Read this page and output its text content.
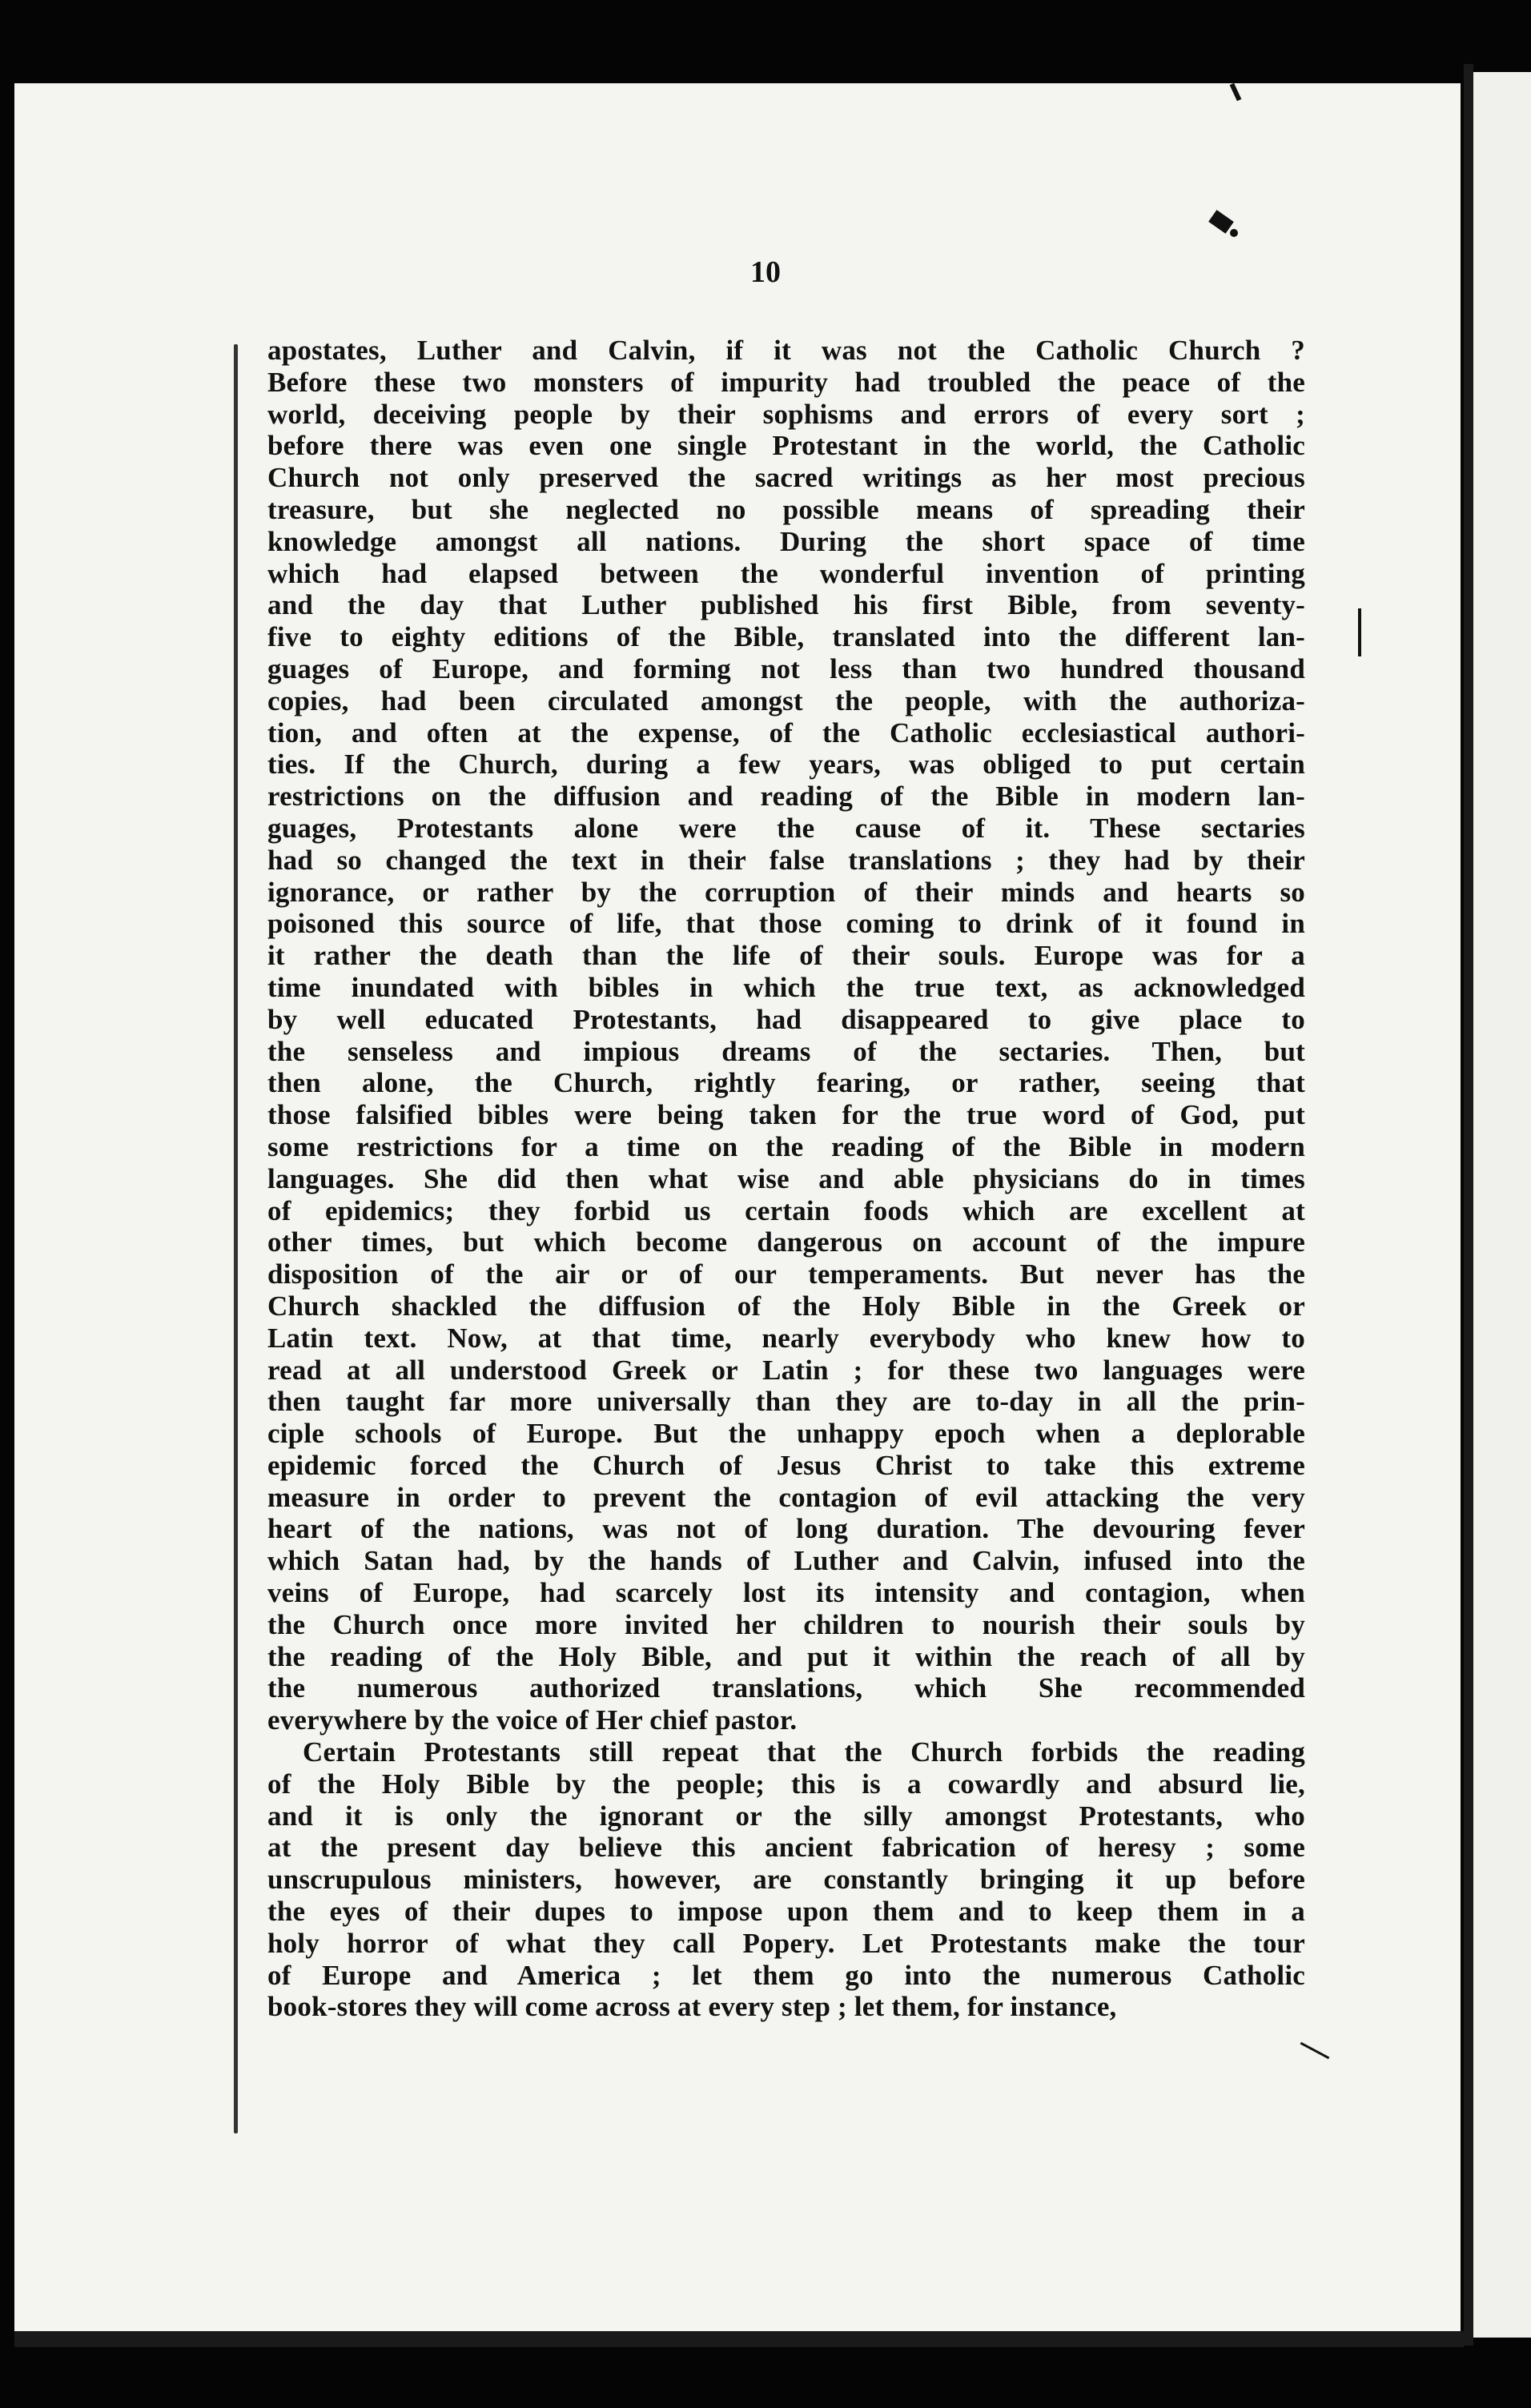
10
apostates, Luther and Calvin, if it was not the Catholic Church ?
Before these two monsters of impurity had troubled the peace of the
world, deceiving people by their sophisms and errors of every sort ;
before there was even one single Protestant in the world, the Catholic
Church not only preserved the sacred writings as her most precious
treasure, but she neglected no possible means of spreading their
knowledge amongst all nations. During the short space of time
which had elapsed between the wonderful invention of printing
and the day that Luther published his first Bible, from seventy-
five to eighty editions of the Bible, translated into the different lan-
guages of Europe, and forming not less than two hundred thousand
copies, had been circulated amongst the people, with the authoriza-
tion, and often at the expense, of the Catholic ecclesiastical authori-
ties. If the Church, during a few years, was obliged to put certain
restrictions on the diffusion and reading of the Bible in modern lan-
guages, Protestants alone were the cause of it. These sectaries
had so changed the text in their false translations ; they had by their
ignorance, or rather by the corruption of their minds and hearts so
poisoned this source of life, that those coming to drink of it found in
it rather the death than the life of their souls. Europe was for a
time inundated with bibles in which the true text, as acknowledged
by well educated Protestants, had disappeared to give place to
the senseless and impious dreams of the sectaries. Then, but
then alone, the Church, rightly fearing, or rather, seeing that
those falsified bibles were being taken for the true word of God, put
some restrictions for a time on the reading of the Bible in modern
languages. She did then what wise and able physicians do in times
of epidemics; they forbid us certain foods which are excellent at
other times, but which become dangerous on account of the impure
disposition of the air or of our temperaments. But never has the
Church shackled the diffusion of the Holy Bible in the Greek or
Latin text. Now, at that time, nearly everybody who knew how to
read at all understood Greek or Latin ; for these two languages were
then taught far more universally than they are to-day in all the prin-
ciple schools of Europe. But the unhappy epoch when a deplorable
epidemic forced the Church of Jesus Christ to take this extreme
measure in order to prevent the contagion of evil attacking the very
heart of the nations, was not of long duration. The devouring fever
which Satan had, by the hands of Luther and Calvin, infused into the
veins of Europe, had scarcely lost its intensity and contagion, when
the Church once more invited her children to nourish their souls by
the reading of the Holy Bible, and put it within the reach of all by
the numerous authorized translations, which She recommended
everywhere by the voice of Her chief pastor.
Certain Protestants still repeat that the Church forbids the reading
of the Holy Bible by the people; this is a cowardly and absurd lie,
and it is only the ignorant or the silly amongst Protestants, who
at the present day believe this ancient fabrication of heresy ; some
unscrupulous ministers, however, are constantly bringing it up before
the eyes of their dupes to impose upon them and to keep them in a
holy horror of what they call Popery. Let Protestants make the tour
of Europe and America ; let them go into the numerous Catholic
book-stores they will come across at every step ; let them, for instance,
